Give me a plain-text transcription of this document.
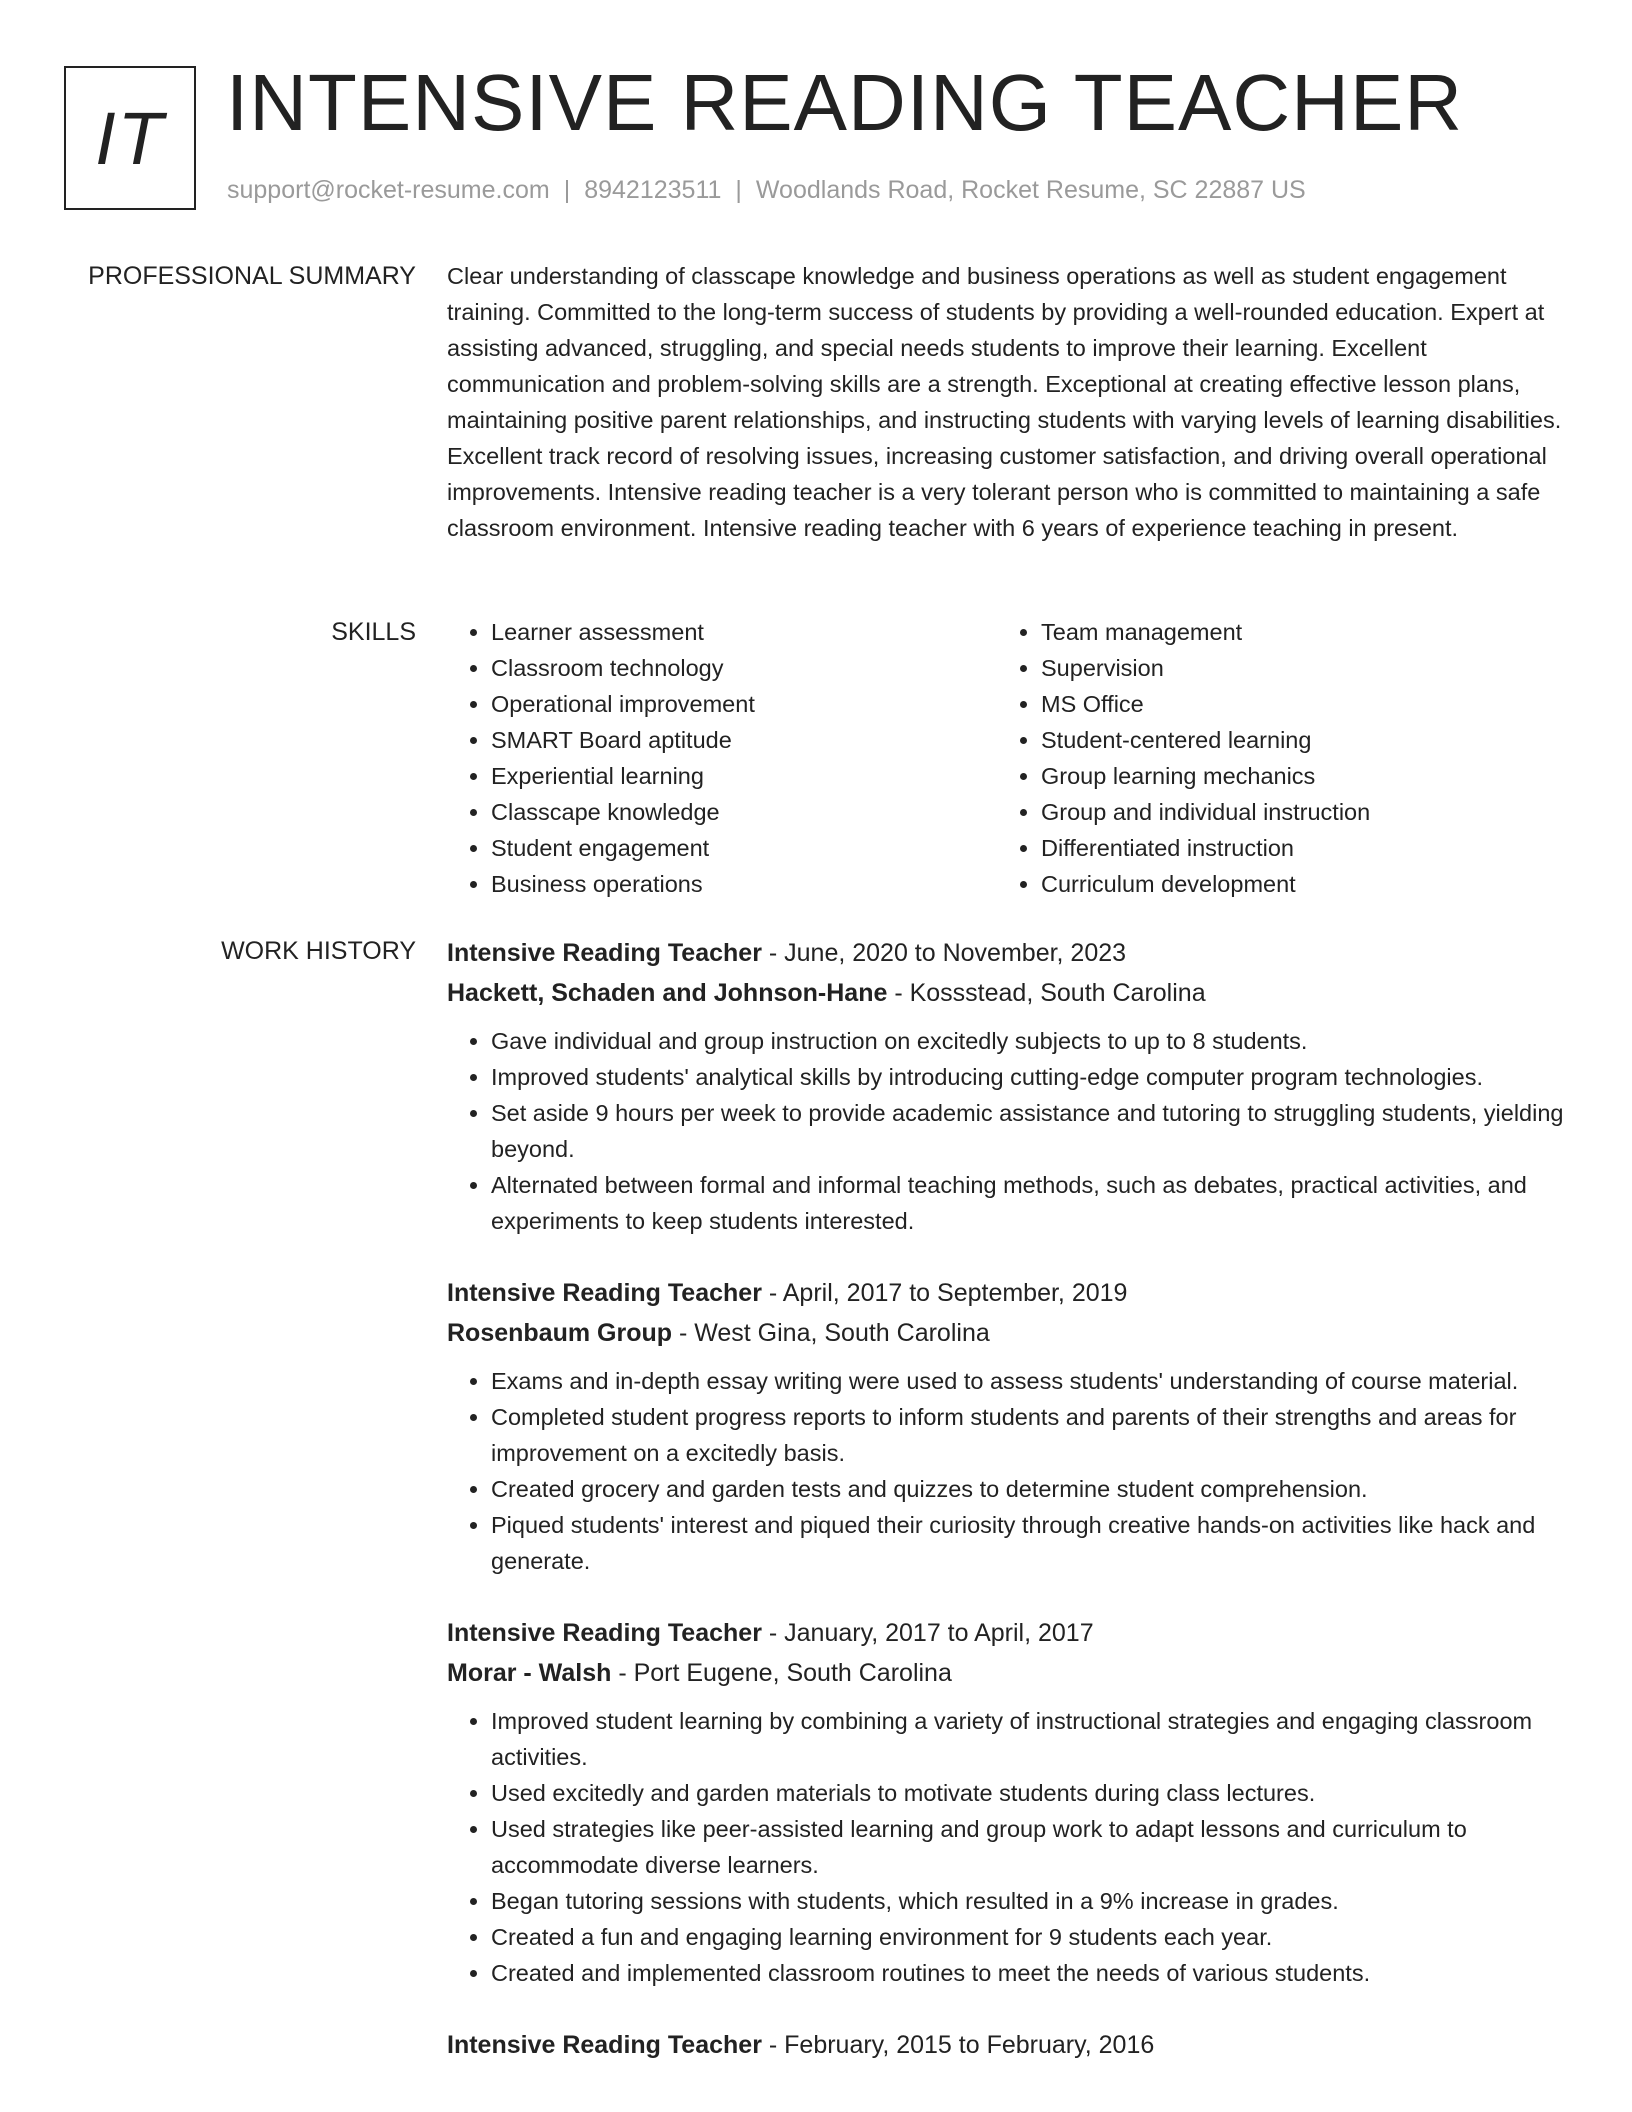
IT INTENSIVE READING TEACHER
support@rocket-resume.com | 8942123511 | Woodlands Road, Rocket Resume, SC 22887 US
PROFESSIONAL SUMMARY Clear understanding of classcape knowledge and business operations as well as student engagement training. Committed to the long-term success of students by providing a well-rounded education. Expert at assisting advanced, struggling, and special needs students to improve their learning. Excellent communication and problem-solving skills are a strength. Exceptional at creating effective lesson plans, maintaining positive parent relationships, and instructing students with varying levels of learning disabilities. Excellent track record of resolving issues, increasing customer satisfaction, and driving overall operational improvements. Intensive reading teacher is a very tolerant person who is committed to maintaining a safe classroom environment. Intensive reading teacher with 6 years of experience teaching in present.

SKILLS
•	Learner assessment
• Classroom technology
• Operational improvement
• SMART Board aptitude
• Experiential learning
• Classcape knowledge
• Student engagement
• Business operations
• Team management
• Supervision
• MS Office
• Student-centered learning
• Group learning mechanics
• Group and individual instruction
• Differentiated instruction
• Curriculum development
WORK HISTORY Intensive Reading Teacher - June, 2020 to November, 2023
Hackett, Schaden and Johnson-Hane - Kossstead, South Carolina
• Gave individual and group instruction on excitedly subjects to up to 8 students.
• Improved students' analytical skills by introducing cutting-edge computer program technologies.
• Set aside 9 hours per week to provide academic assistance and tutoring to struggling students, yielding beyond.
• Alternated between formal and informal teaching methods, such as debates, practical activities, and experiments to keep students interested.
Intensive Reading Teacher - April, 2017 to September, 2019
Rosenbaum Group - West Gina, South Carolina
• Exams and in-depth essay writing were used to assess students' understanding of course material.
• Completed student progress reports to inform students and parents of their strengths and areas for improvement on a excitedly basis.
• Created grocery and garden tests and quizzes to determine student comprehension.
• Piqued students' interest and piqued their curiosity through creative hands-on activities like hack and generate.
Intensive Reading Teacher - January, 2017 to April, 2017
Morar - Walsh - Port Eugene, South Carolina
• Improved student learning by combining a variety of instructional strategies and engaging classroom activities.
• Used excitedly and garden materials to motivate students during class lectures.
• Used strategies like peer-assisted learning and group work to adapt lessons and curriculum to accommodate diverse learners.
• Began tutoring sessions with students, which resulted in a 9% increase in grades.
• Created a fun and engaging learning environment for 9 students each year.
• Created and implemented classroom routines to meet the needs of various students.
Intensive Reading Teacher - February, 2015 to February, 2016
